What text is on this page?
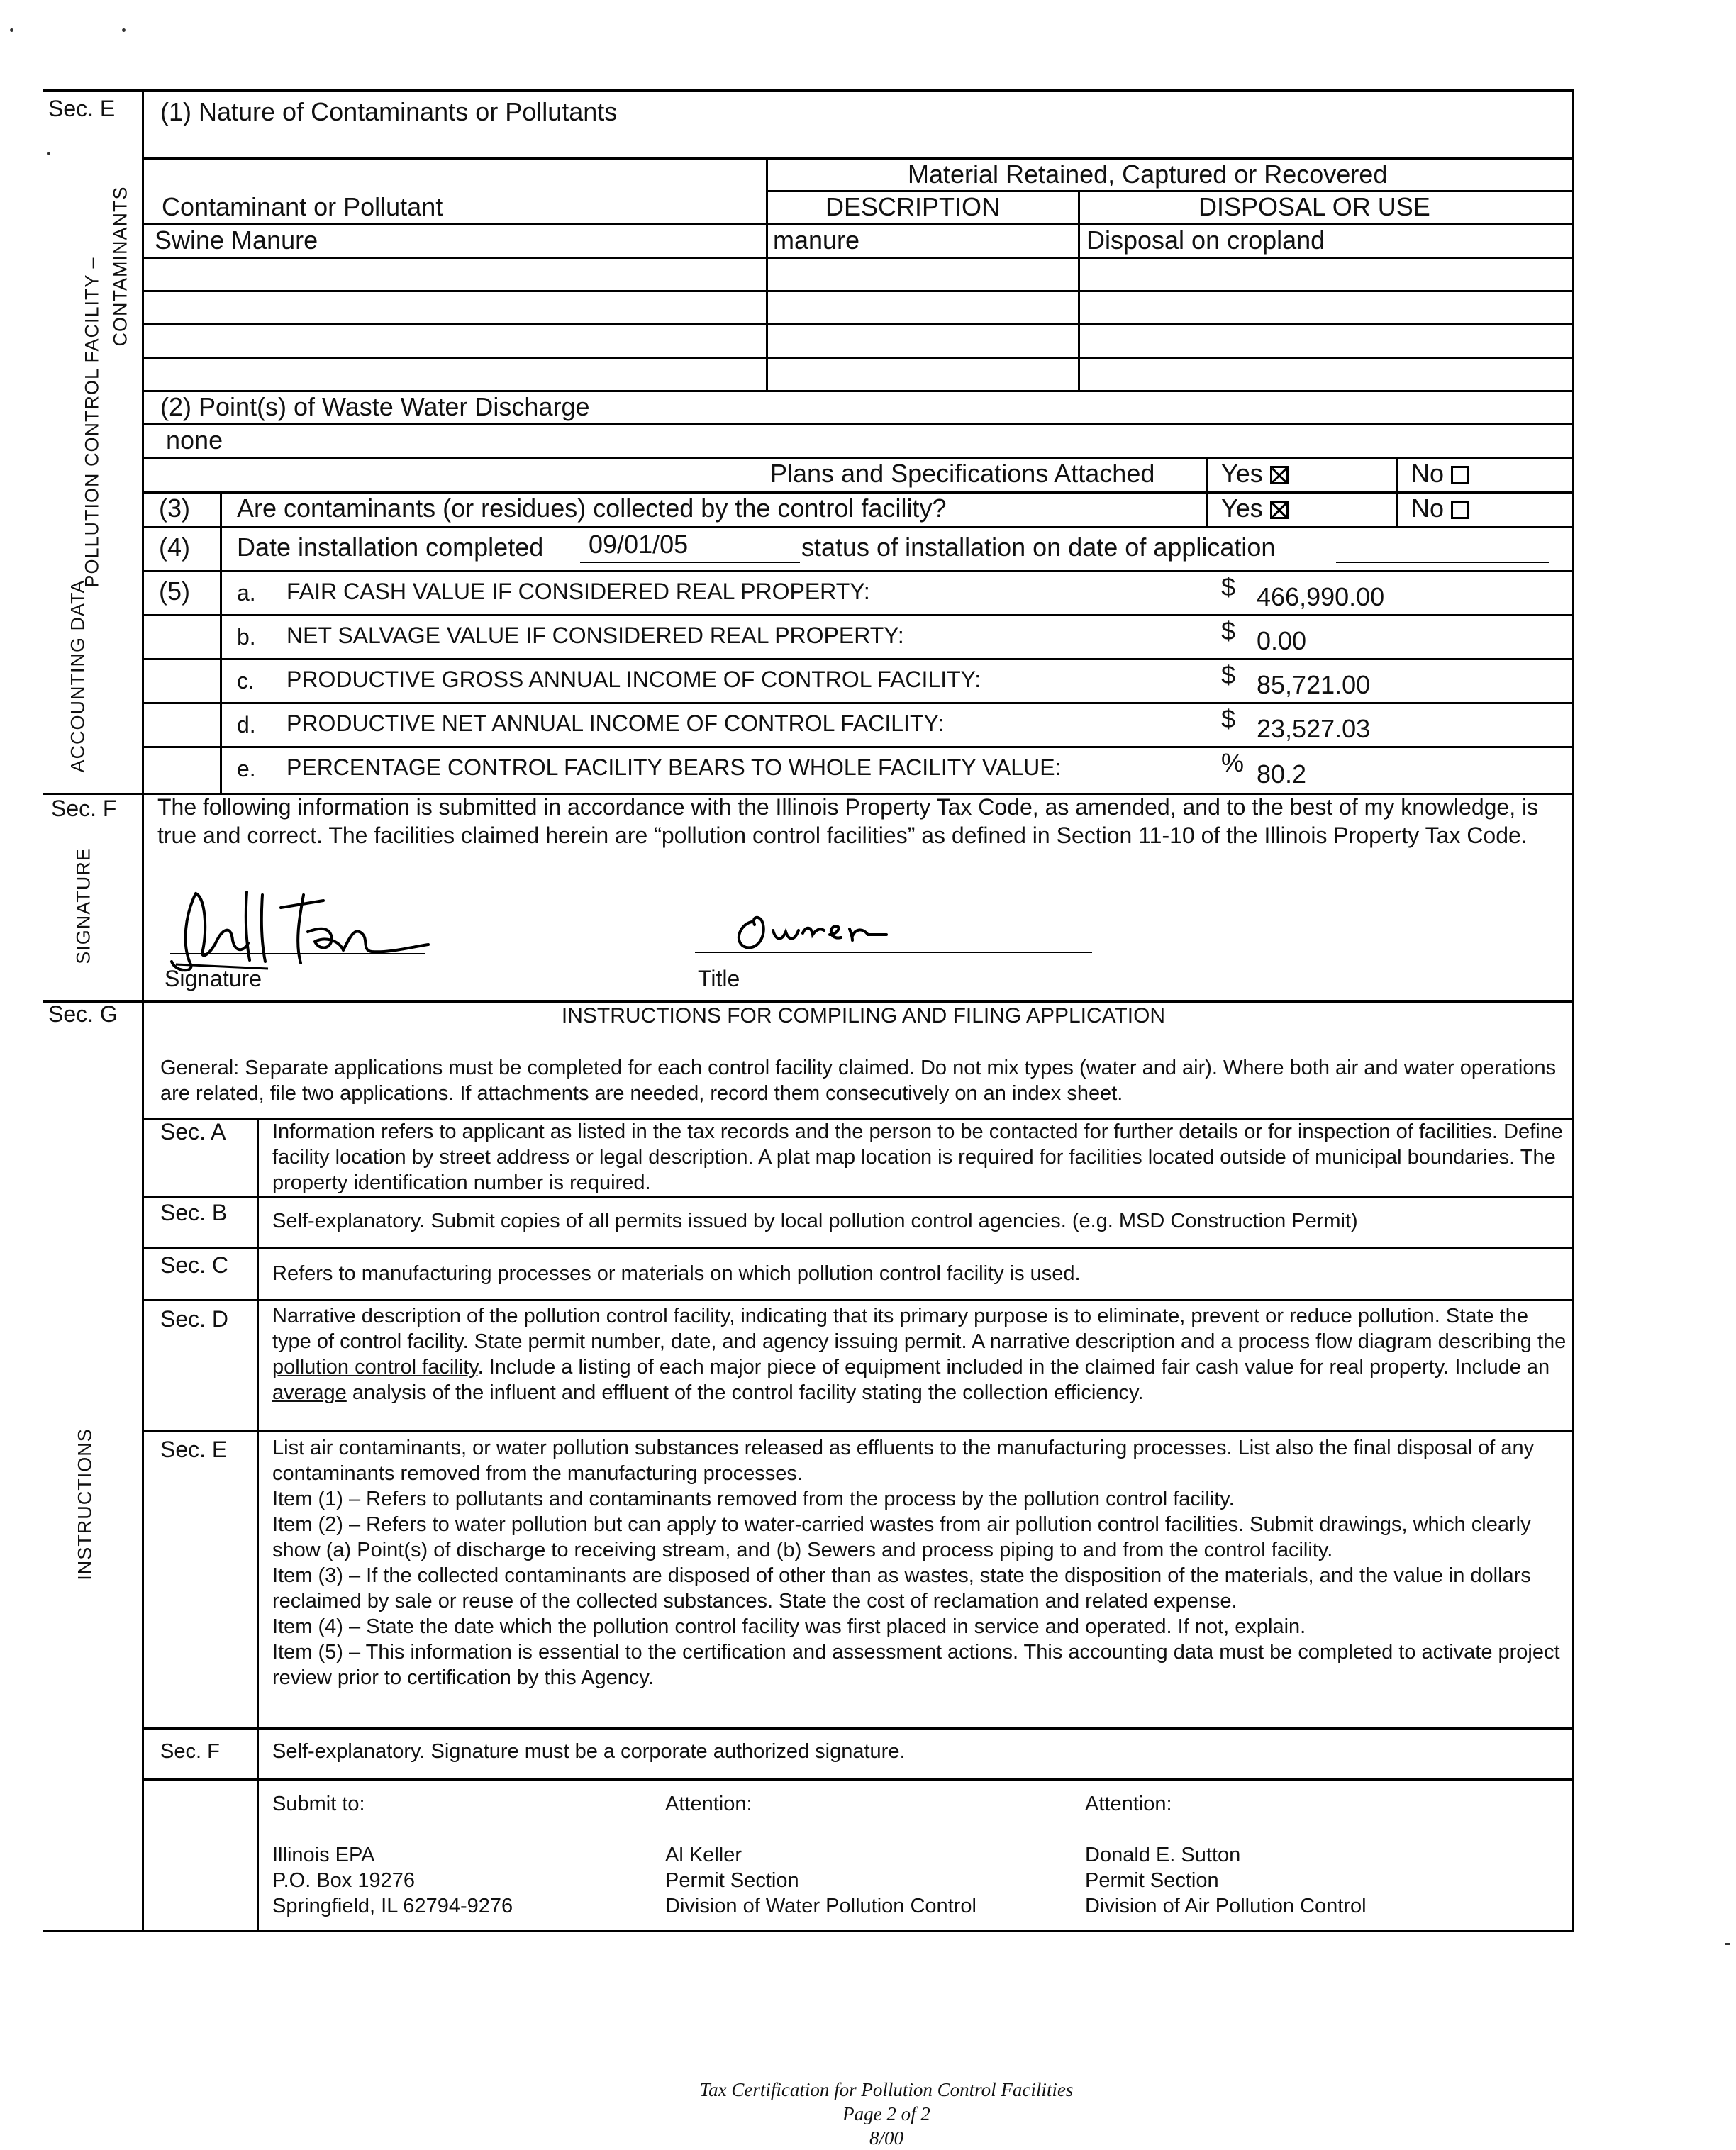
Sec. E
POLLUTION CONTROL FACILITY – CONTAMINANTS
ACCOUNTING DATA
Sec. F
SIGNATURE
Sec. G
INSTRUCTIONS
(1) Nature of Contaminants or Pollutants
Material Retained, Captured or Recovered
Contaminant or Pollutant	DESCRIPTION	DISPOSAL OR USE
Swine Manure	manure	Disposal on cropland
(2) Point(s) of Waste Water Discharge
none
Plans and Specifications Attached	Yes	No
(3) Are contaminants (or residues) collected by the control facility?	Yes	No
(4) Date installation completed 09/01/05	status of installation on date of application
(5) a. FAIR CASH VALUE IF CONSIDERED REAL PROPERTY:	$ 466,990.00
b. NET SALVAGE VALUE IF CONSIDERED REAL PROPERTY:	$ 0.00
c. PRODUCTIVE GROSS ANNUAL INCOME OF CONTROL FACILITY:	$ 85,721.00
d. PRODUCTIVE NET ANNUAL INCOME OF CONTROL FACILITY:	$ 23,527.03
e. PERCENTAGE CONTROL FACILITY BEARS TO WHOLE FACILITY VALUE:	% 80.2
The following information is submitted in accordance with the Illinois Property Tax Code, as amended, and to the best of my knowledge, is true and correct. The facilities claimed herein are “pollution control facilities” as defined in Section 11-10 of the Illinois Property Tax Code.
Signature	Title
INSTRUCTIONS FOR COMPILING AND FILING APPLICATION
General: Separate applications must be completed for each control facility claimed. Do not mix types (water and air). Where both air and water operations are related, file two applications. If attachments are needed, record them consecutively on an index sheet.
Sec. A Information refers to applicant as listed in the tax records and the person to be contacted for further details or for inspection of facilities. Define facility location by street address or legal description. A plat map location is required for facilities located outside of municipal boundaries. The property identification number is required.
Sec. B Self-explanatory. Submit copies of all permits issued by local pollution control agencies. (e.g. MSD Construction Permit)
Sec. C Refers to manufacturing processes or materials on which pollution control facility is used.
Sec. D Narrative description of the pollution control facility, indicating that its primary purpose is to eliminate, prevent or reduce pollution. State the type of control facility. State permit number, date, and agency issuing permit. A narrative description and a process flow diagram describing the pollution control facility. Include a listing of each major piece of equipment included in the claimed fair cash value for real property. Include an average analysis of the influent and effluent of the control facility stating the collection efficiency.
Sec. E List air contaminants, or water pollution substances released as effluents to the manufacturing processes. List also the final disposal of any contaminants removed from the manufacturing processes.

Item (1) – Refers to pollutants and contaminants removed from the process by the pollution control facility.

Item (2) – Refers to water pollution but can apply to water-carried wastes from air pollution control facilities. Submit drawings, which clearly show (a) Point(s) of discharge to receiving stream, and (b) Sewers and process piping to and from the control facility.

Item (3) – If the collected contaminants are disposed of other than as wastes, state the disposition of the materials, and the value in dollars reclaimed by sale or reuse of the collected substances. State the cost of reclamation and related expense.

Item (4) – State the date which the pollution control facility was first placed in service and operated. If not, explain.

Item (5) – This information is essential to the certification and assessment actions. This accounting data must be completed to activate project review prior to certification by this Agency.

Sec. F	Self-explanatory. Signature must be a corporate authorized signature.

Submit to:

Illinois EPA

P.O. Box 19276

Springfield, IL 62794-9276

Attention:

Al Keller

Permit Section

Division of Water Pollution Control

Attention:

Donald E. Sutton

Permit Section

Division of Air Pollution Control

Tax Certification for Pollution Control Facilities
Page 2 of 2
8/00
